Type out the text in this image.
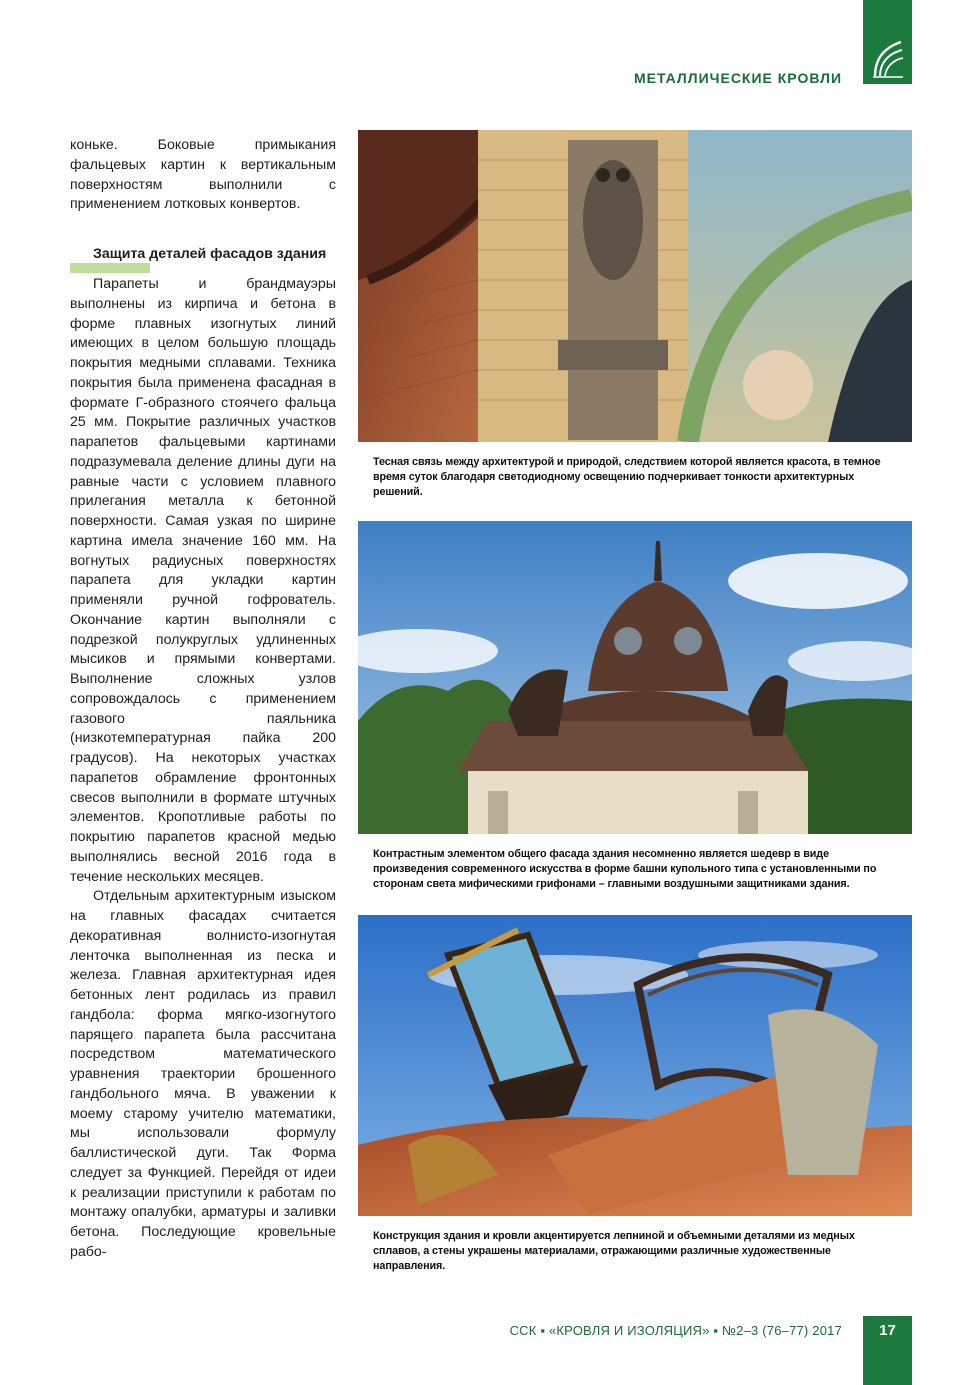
МЕТАЛЛИЧЕСКИЕ КРОВЛИ

коньке. Боковые примыкания фальцевых картин к вертикальным поверхностям выполнили с применением лотковых конвертов.

Защита деталей фасадов здания

Парапеты и брандмауэры выполнены из кирпича и бетона в форме плавных изогнутых линий имеющих в целом большую площадь покрытия медными сплавами. Техника покрытия была применена фасадная в формате Г-образного стоячего фальца 25 мм. Покрытие различных участков парапетов фальцевыми картинами подразумевала деление длины дуги на равные части с условием плавного прилегания металла к бетонной поверхности. Самая узкая по ширине картина имела значение 160 мм. На вогнутых радиусных поверхностях парапета для укладки картин применяли ручной гофрователь. Окончание картин выполняли с подрезкой полукруглых удлиненных мысиков и прямыми конвертами. Выполнение сложных узлов сопровождалось с применением газового паяльника (низкотемпературная пайка 200 градусов). На некоторых участках парапетов обрамление фронтонных свесов выполнили в формате штучных элементов. Кропотливые работы по покрытию парапетов красной медью выполнялись весной 2016 года в течение нескольких месяцев.

Отдельным архитектурным изыском на главных фасадах считается декоративная волнисто-изогнутая ленточка выполненная из песка и железа. Главная архитектурная идея бетонных лент родилась из правил гандбола: форма мягко-изогнутого парящего парапета была рассчитана посредством математического уравнения траектории брошенного гандбольного мяча. В уважении к моему старому учителю математики, мы использовали формулу баллистической дуги. Так Форма следует за Функцией. Перейдя от идеи к реализации приступили к работам по монтажу опалубки, арматуры и заливки бетона. Последующие кровельные рабо-

Тесная связь между архитектурой и природой, следствием которой является красота, в темное время суток благодаря светодиодному освещению подчеркивает тонкости архитектурных решений.
Контрастным элементом общего фасада здания несомненно является шедевр в виде произведения современного искусства в форме башни купольного типа с установленными по сторонам света мифическими грифонами – главными воздушными защитниками здания.
Конструкция здания и кровли акцентируется лепниной и объемными деталями из медных сплавов, а стены украшены материалами, отражающими различные художественные направления.
ССК ▪ «КРОВЛЯ И ИЗОЛЯЦИЯ» ▪ №2–3 (76–77) 2017	17
